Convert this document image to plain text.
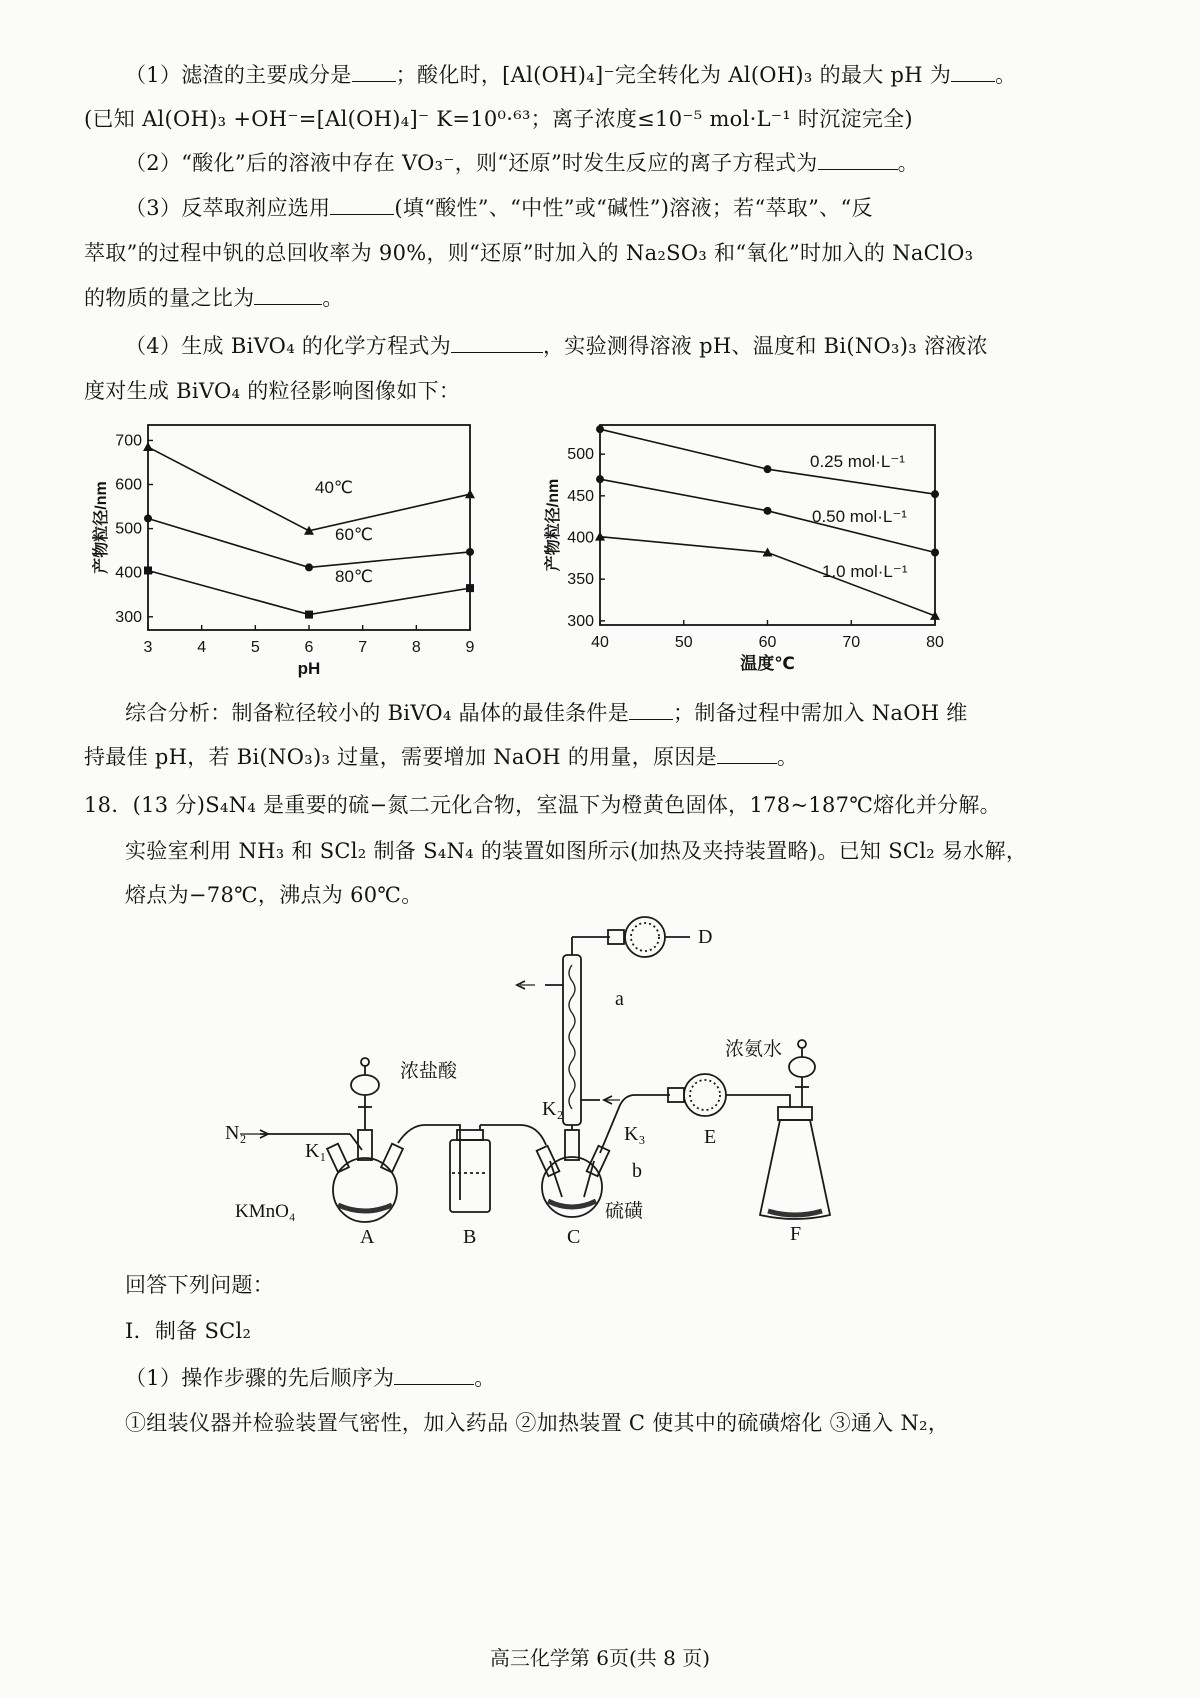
（1）滤渣的主要成分是 ；酸化时，[Al(OH)₄]⁻完全转化为 Al(OH)₃ 的最大 pH 为 。
(已知 Al(OH)₃ +OH⁻=[Al(OH)₄]⁻ K=10⁰·⁶³；离子浓度≤10⁻⁵ mol·L⁻¹ 时沉淀完全)
（2）“酸化”后的溶液中存在 VO₃⁻，则“还原”时发生反应的离子方程式为	。
（3）反萃取剂应选用	(填“酸性”、“中性”或“碱性”)溶液；若“萃取”、“反
萃取”的过程中钒的总回收率为 90%，则“还原”时加入的 Na₂SO₃ 和“氧化”时加入的 NaClO₃
的物质的量之比为	。
（4）生成 BiVO₄ 的化学方程式为	，实验测得溶液 pH、温度和 Bi(NO₃)₃ 溶液浓
度对生成 BiVO₄ 的粒径影响图像如下：
3	4	5	6	7	8	9
300
400
500
600
700
pH
产物粒径/nm	40℃
60℃
80℃
40	50	60	70	80
300
350
400
450
500
温度℃
产物粒径/nm
0.25 mol·L⁻¹
0.50 mol·L⁻¹
1.0 mol·L⁻¹
综合分析：制备粒径较小的 BiVO₄ 晶体的最佳条件是 ；制备过程中需加入 NaOH 维
持最佳 pH，若 Bi(NO₃)₃ 过量，需要增加 NaOH 的用量，原因是	。
18．(13 分)S₄N₄ 是重要的硫−氮二元化合物，室温下为橙黄色固体，178~187℃熔化并分解。
实验室利用 NH₃ 和 SCl₂ 制备 S₄N₄ 的装置如图所示(加热及夹持装置略)。已知 SCl₂ 易水解，
熔点为−78℃，沸点为 60℃。
D
a
浓盐酸
浓氨水
N₂
K₁
K₂
K₃	E
b
KMnO₄	硫磺
A	B	C	F
回答下列问题：
Ⅰ．制备 SCl₂
（1）操作步骤的先后顺序为	。
①组装仪器并检验装置气密性，加入药品 ②加热装置 C 使其中的硫磺熔化 ③通入 N₂，
高三化学第 6页(共 8 页)
